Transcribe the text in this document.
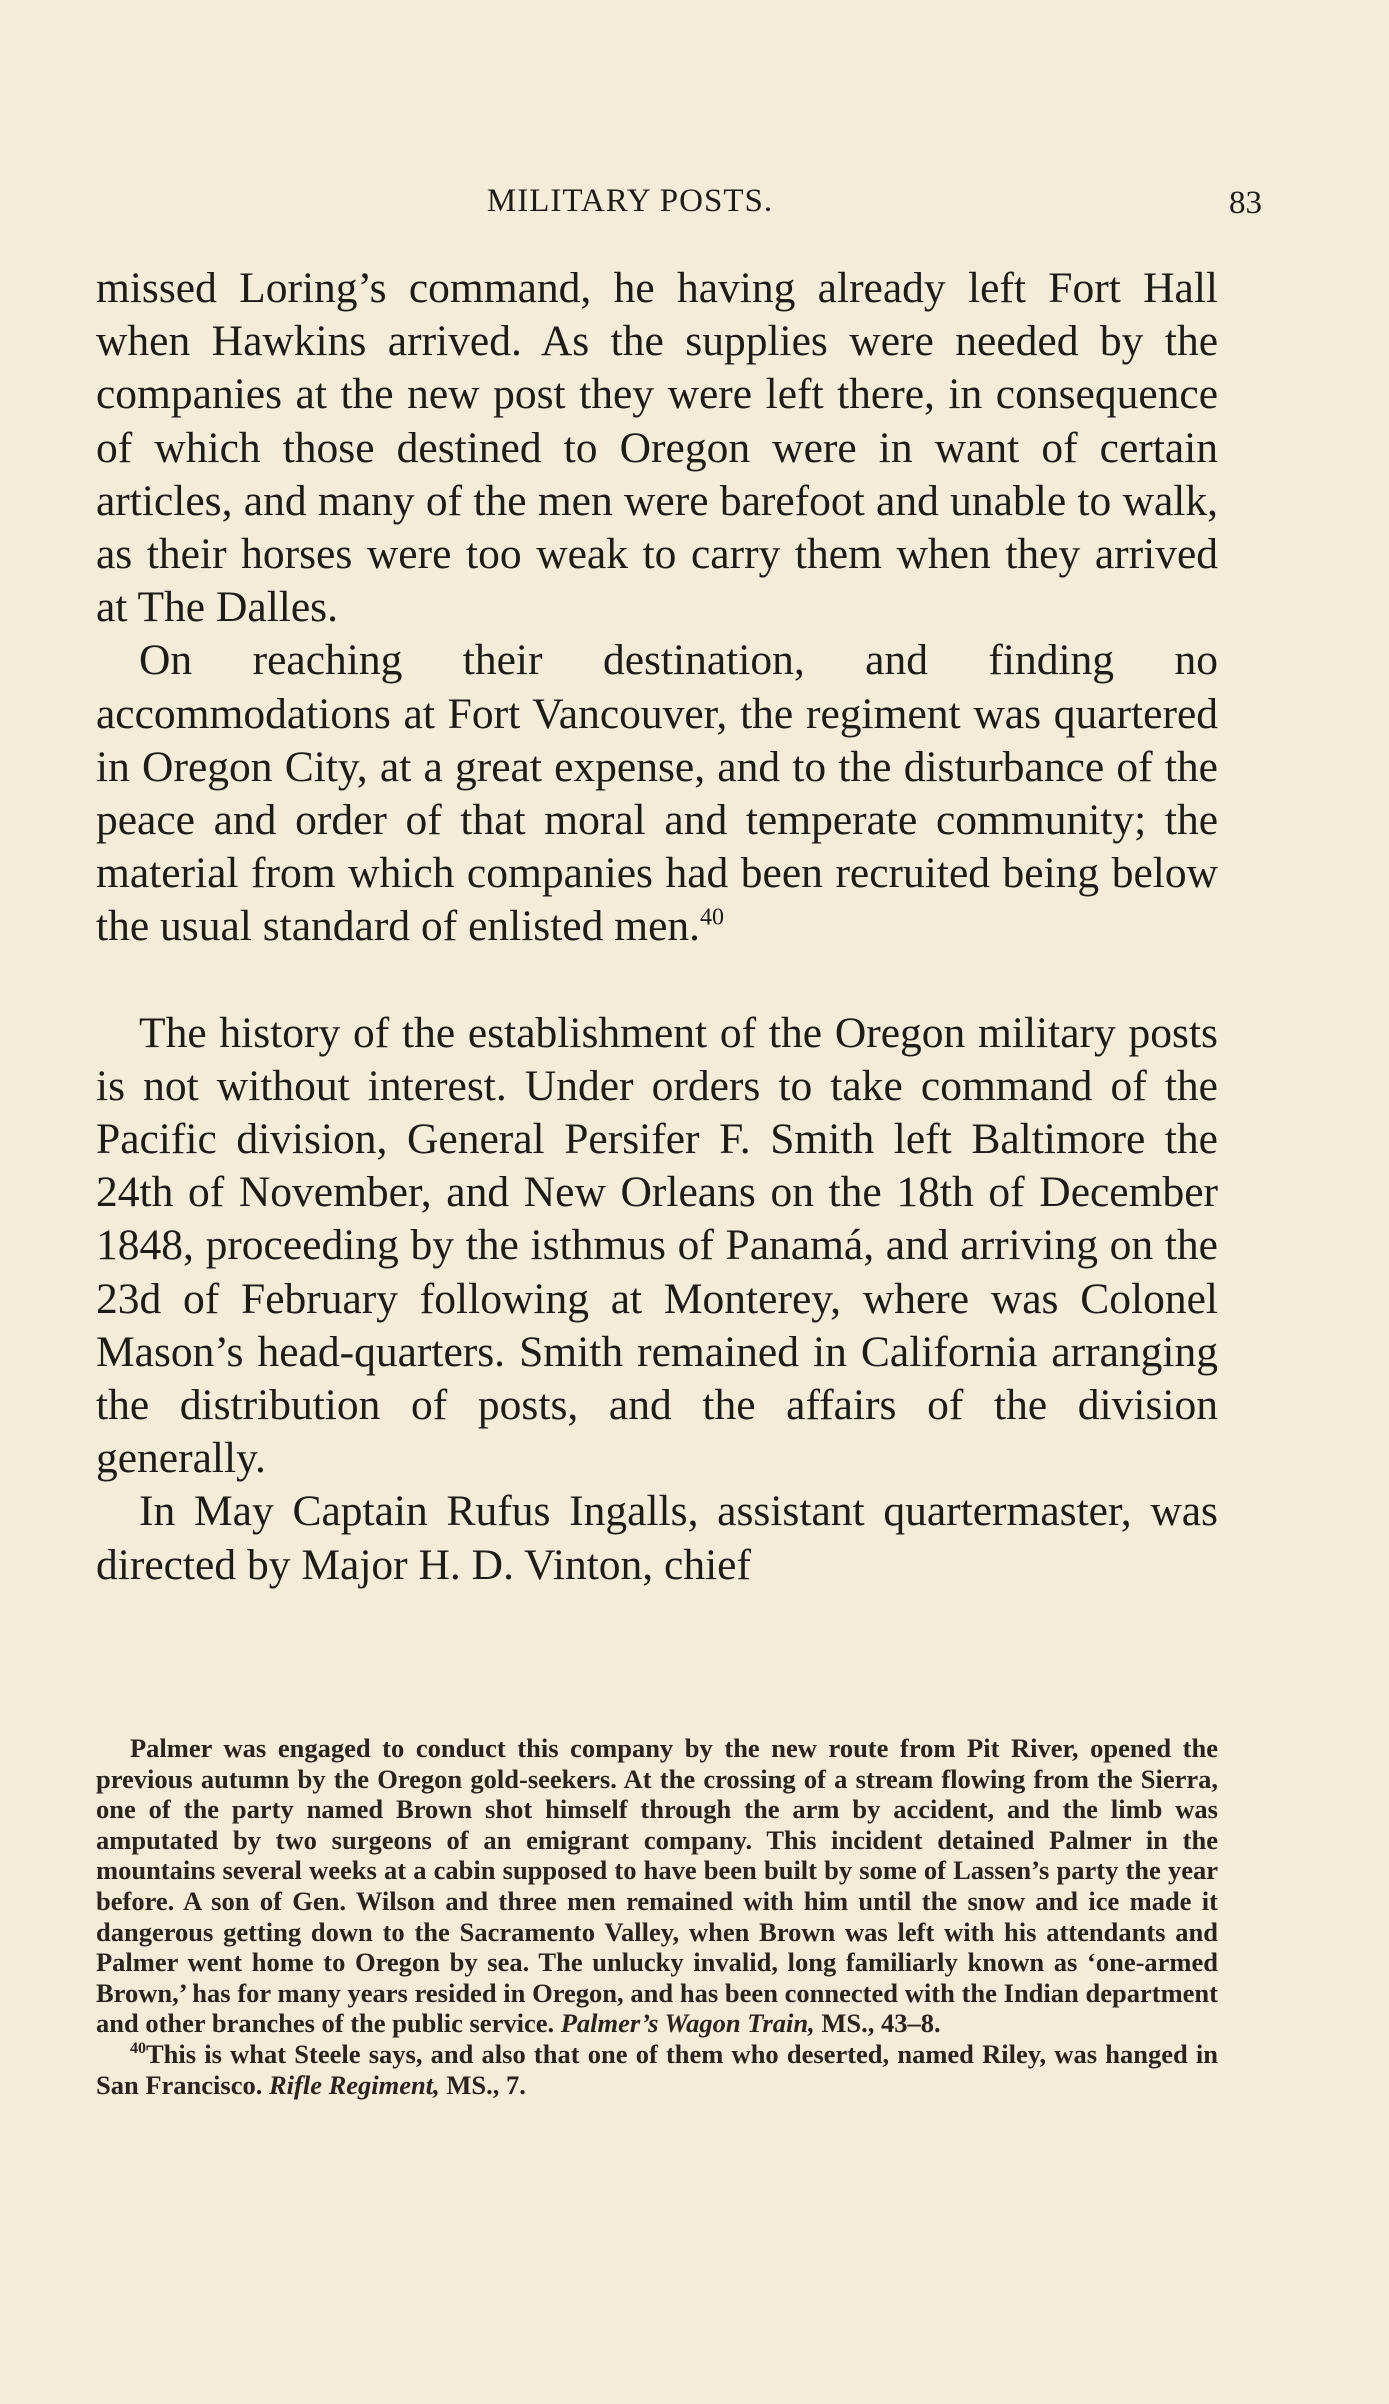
MILITARY POSTS.	83

missed Loring’s command, he having already left Fort Hall when Hawkins arrived. As the supplies were needed by the companies at the new post they were left there, in consequence of which those destined to Oregon were in want of certain articles, and many of the men were barefoot and unable to walk, as their horses were too weak to carry them when they arrived at The Dalles.

On reaching their destination, and finding no accommodations at Fort Vancouver, the regiment was quartered in Oregon City, at a great expense, and to the disturbance of the peace and order of that moral and temperate community; the material from which companies had been recruited being below the usual standard of enlisted men.$^{40}$

The history of the establishment of the Oregon military posts is not without interest. Under orders to take command of the Pacific division, General Persifer F. Smith left Baltimore the 24th of November, and New Orleans on the 18th of December 1848, proceeding by the isthmus of Panamá, and arriving on the 23d of February following at Monterey, where was Colonel Mason’s head-quarters. Smith remained in California arranging the distribution of posts, and the affairs of the division generally.

In May Captain Rufus Ingalls, assistant quartermaster, was directed by Major H. D. Vinton, chief

Palmer was engaged to conduct this company by the new route from Pit River, opened the previous autumn by the Oregon gold-seekers. At the crossing of a stream flowing from the Sierra, one of the party named Brown shot himself through the arm by accident, and the limb was amputated by two surgeons of an emigrant company. This incident detained Palmer in the mountains several weeks at a cabin supposed to have been built by some of Lassen’s party the year before. A son of Gen. Wilson and three men remained with him until the snow and ice made it dangerous getting down to the Sacramento Valley, when Brown was left with his attendants and Palmer went home to Oregon by sea. The unlucky invalid, long familiarly known as ‘one-armed Brown,’ has for many years resided in Oregon, and has been connected with the Indian department and other branches of the public service. Palmer’s Wagon Train, MS., 43–8.

$^{40}$This is what Steele says, and also that one of them who deserted, named Riley, was hanged in San Francisco. Rifle Regiment, MS., 7.
